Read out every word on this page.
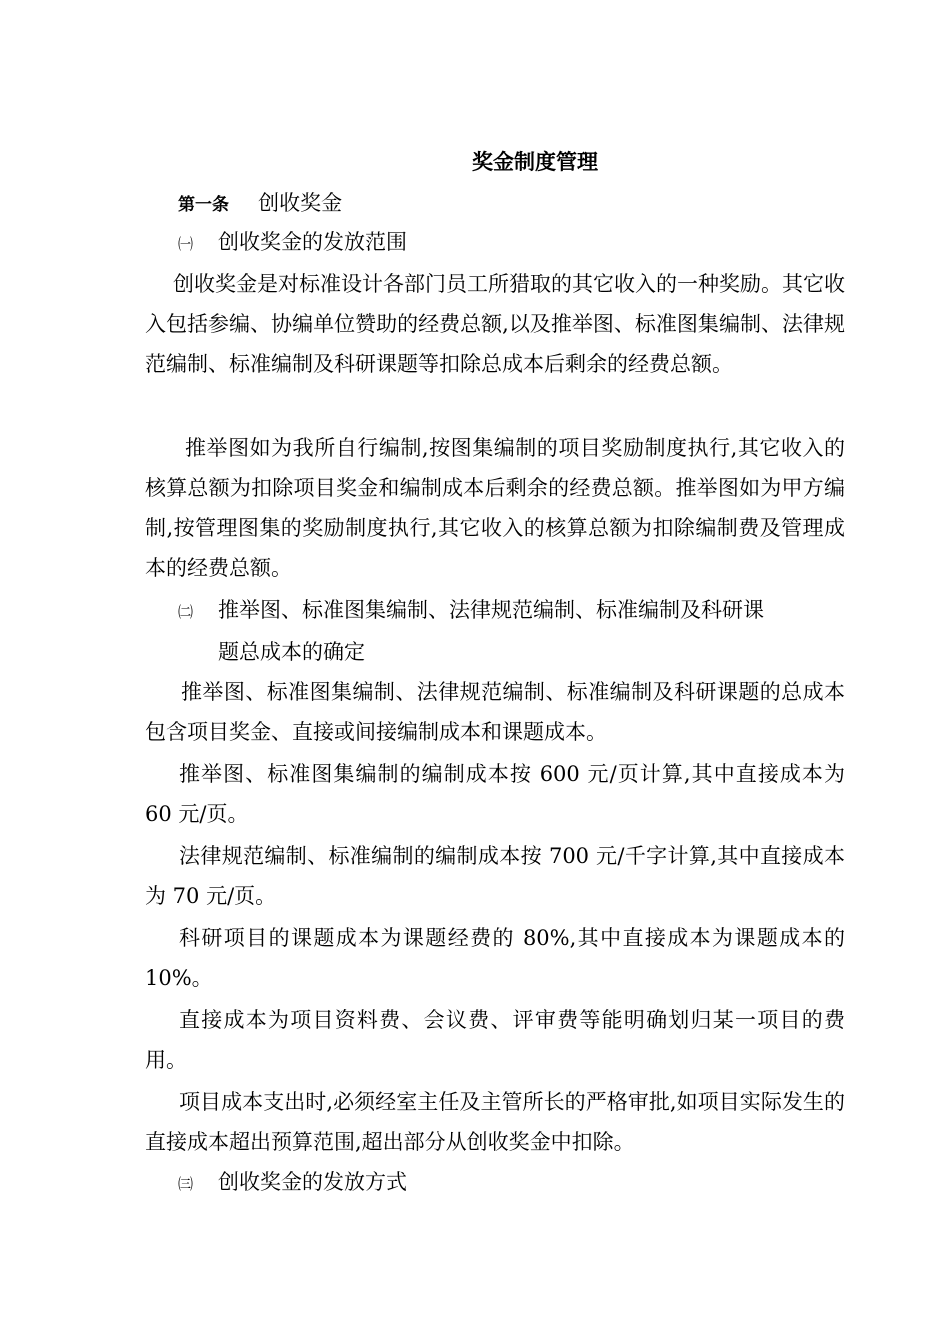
奖金制度管理
第一条 创收奖金
㈠ 创收奖金的发放范围

创收奖金是对标准设计各部门员工所猎取的其它收入的一种奖励。其它收入包括参编、协编单位赞助的经费总额,以及推举图、标准图集编制、法律规范编制、标准编制及科研课题等扣除总成本后剩余的经费总额。

推举图如为我所自行编制,按图集编制的项目奖励制度执行,其它收入的核算总额为扣除项目奖金和编制成本后剩余的经费总额。推举图如为甲方编制,按管理图集的奖励制度执行,其它收入的核算总额为扣除编制费及管理成本的经费总额。

㈡ 推举图、标准图集编制、法律规范编制、标准编制及科研课
题总成本的确定

推举图、标准图集编制、法律规范编制、标准编制及科研课题的总成本包含项目奖金、直接或间接编制成本和课题成本。

推举图、标准图集编制的编制成本按 600 元/页计算,其中直接成本为 60 元/页。

法律规范编制、标准编制的编制成本按 700 元/千字计算,其中直接成本为 70 元/页。

科研项目的课题成本为课题经费的 80%,其中直接成本为课题成本的 10%。

直接成本为项目资料费、会议费、评审费等能明确划归某一项目的费用。

项目成本支出时,必须经室主任及主管所长的严格审批,如项目实际发生的直接成本超出预算范围,超出部分从创收奖金中扣除。

㈢ 创收奖金的发放方式
